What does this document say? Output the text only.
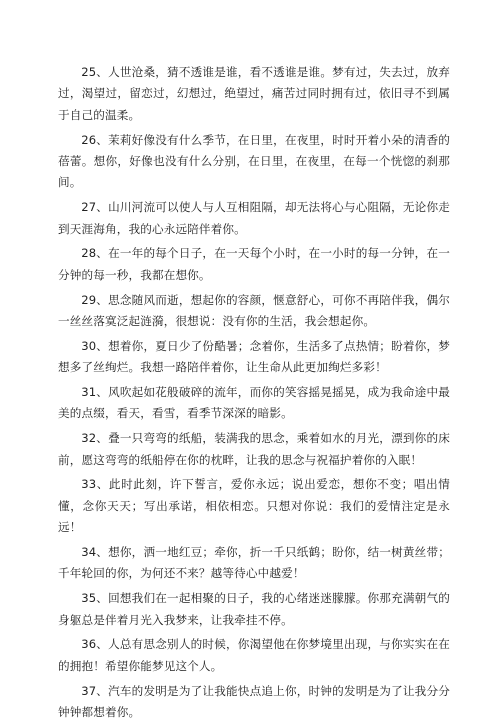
25、人世沧桑，猜不透谁是谁，看不透谁是谁。梦有过，失去过，放弃过，渴望过，留恋过，幻想过，绝望过，痛苦过同时拥有过，依旧寻不到属于自己的温柔。

26、茉莉好像没有什么季节，在日里，在夜里，时时开着小朵的清香的蓓蕾。想你，好像也没有什么分别，在日里，在夜里，在每一个恍惚的刹那间。

27、山川河流可以使人与人互相阻隔，却无法将心与心阻隔，无论你走到天涯海角，我的心永远陪伴着你。

28、在一年的每个日子，在一天每个小时，在一小时的每一分钟，在一分钟的每一秒，我都在想你。

29、思念随风而逝，想起你的容颜，惬意舒心，可你不再陪伴我，偶尔一丝丝落寞泛起涟漪，很想说：没有你的生活，我会想起你。

30、想着你，夏日少了份酷暑；念着你，生活多了点热情；盼着你，梦想多了丝绚烂。我想一路陪伴着你，让生命从此更加绚烂多彩！

31、风吹起如花般破碎的流年，而你的笑容摇晃摇晃，成为我命途中最美的点缀，看天，看雪，看季节深深的暗影。

32、叠一只弯弯的纸船，装满我的思念，乘着如水的月光，漂到你的床前，愿这弯弯的纸船停在你的枕畔，让我的思念与祝福护着你的入眠！

33、此时此刻，许下誓言，爱你永远；说出爱恋，想你不变；唱出情懂，念你天天；写出承诺，相依相恋。只想对你说：我们的爱情注定是永远！

34、想你，洒一地红豆；牵你，折一千只纸鹤；盼你，结一树黄丝带；千年轮回的你，为何还不来？越等待心中越爱！

35、回想我们在一起相聚的日子，我的心绪迷迷朦朦。你那充满朝气的身躯总是伴着月光入我梦来，让我牵挂不停。

36、人总有思念别人的时候，你渴望他在你梦境里出现，与你实实在在的拥抱！希望你能梦见这个人。

37、汽车的发明是为了让我能快点追上你，时钟的发明是为了让我分分钟钟都想着你。
